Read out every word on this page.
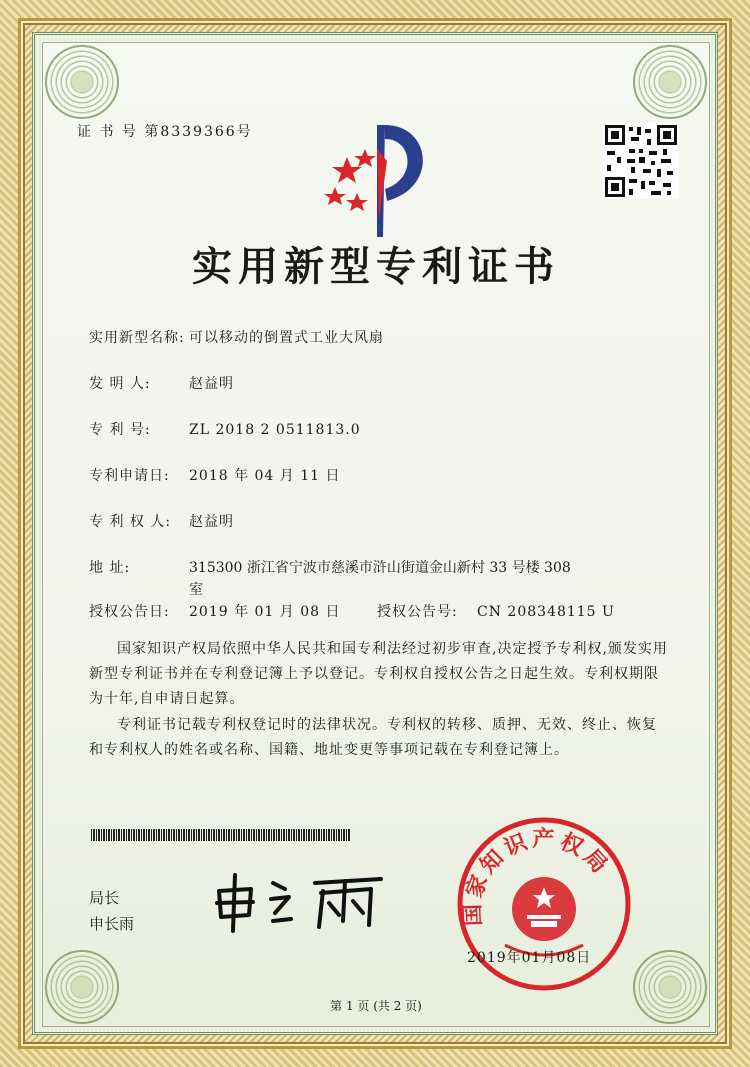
证 书 号 第8339366号
实用新型专利证书
实用新型名称: 可以移动的倒置式工业大风扇
发 明 人:	赵益明
专 利 号:	ZL 2018 2 0511813.0
专利申请日: 2018 年 04 月 11 日
专 利 权 人: 赵益明
地 址:	315300 浙江省宁波市慈溪市浒山街道金山新村 33 号楼 308 室
授权公告日: 2019 年 01 月 08 日	授权公告号: CN 208348115 U
国家知识产权局依照中华人民共和国专利法经过初步审查,决定授予专利权,颁发实用新型专利证书并在专利登记簿上予以登记。专利权自授权公告之日起生效。专利权期限为十年,自申请日起算。
专利证书记载专利权登记时的法律状况。专利权的转移、质押、无效、终止、恢复和专利权人的姓名或名称、国籍、地址变更等事项记载在专利登记簿上。
局长
申长雨	国家知识产权局
2019年01月08日
第 1 页 (共 2 页)
